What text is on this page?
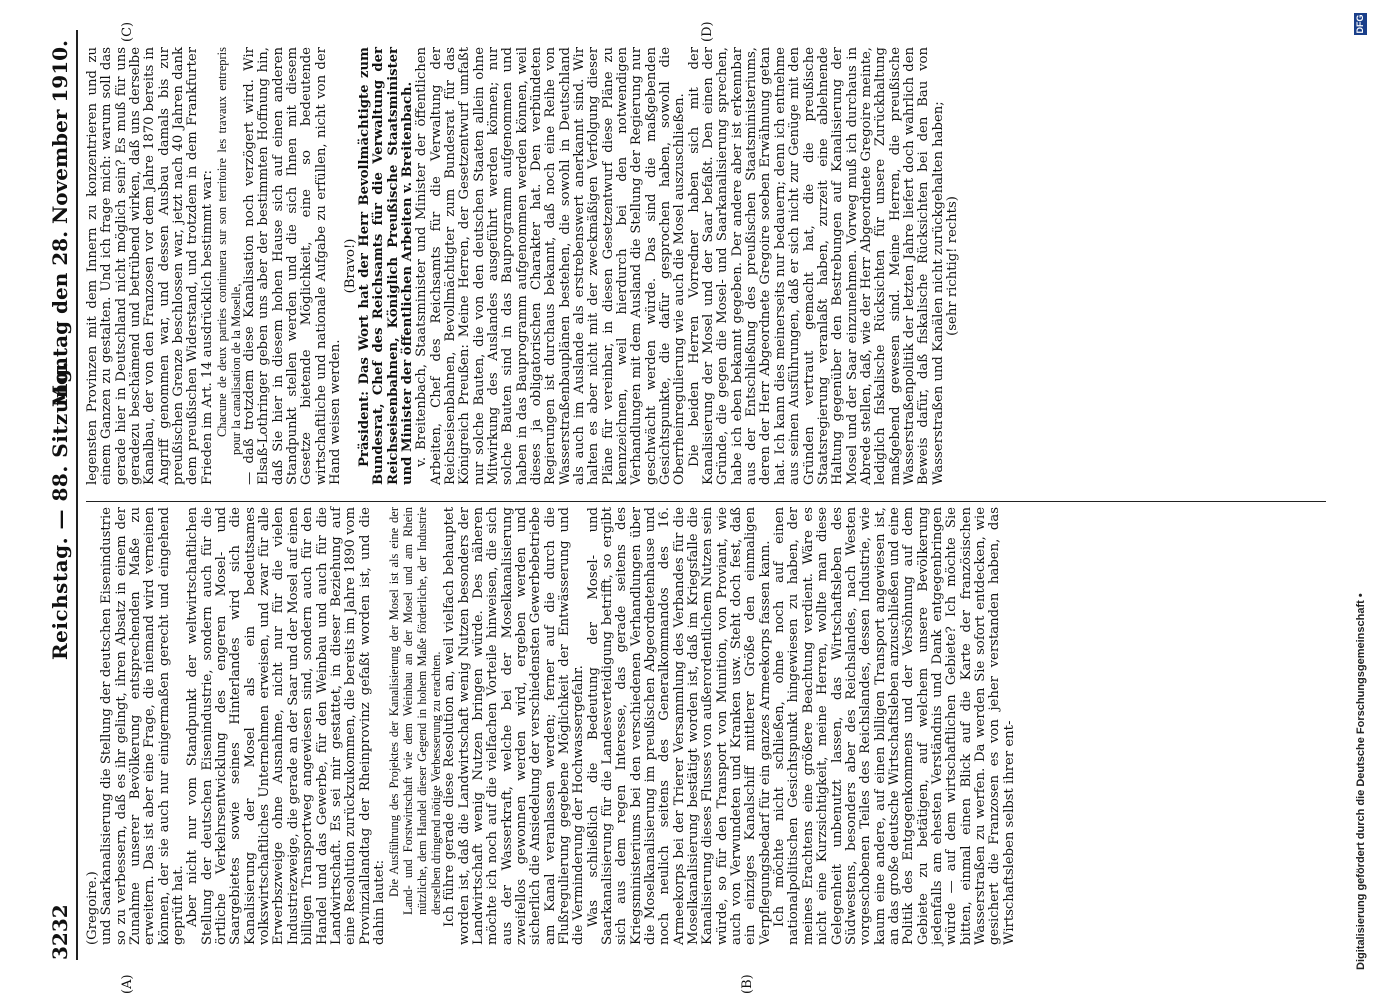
3232
Reichstag. — 88. Sitzung.
Montag den 28. November 1910.
(A)	(B)
(C)	(D)

(Gregoire.) und Saarkanalisierung die Stellung der deutschen Eisenindustrie so zu verbessern, daß es ihr gelingt, ihren Absatz in einem der Zunahme unserer Bevölkerung entsprechenden Maße zu erweitern. Das ist aber eine Frage, die niemand wird verneinen können, der sie auch nur einigermaßen gerecht und eingehend geprüft hat. Aber nicht nur vom Standpunkt der weltwirtschaftlichen Stellung der deutschen Eisenindustrie, sondern auch für die örtliche Verkehrsentwicklung des engeren Mosel- und Saargebietes sowie seines Hinterlandes wird sich die Kanalisierung der Mosel als ein bedeutsames volkswirtschaftliches Unternehmen erweisen, und zwar für alle Erwerbszweige ohne Ausnahme, nicht nur für die vielen Industriezweige, die gerade an der Saar und der Mosel auf einen billigen Transportweg angewiesen sind, sondern auch für den Handel und das Gewerbe, für den Weinbau und auch für die Landwirtschaft. Es sei mir gestattet, in dieser Beziehung auf eine Resolution zurückzukommen, die bereits im Jahre 1890 vom Provinziallandtag der Rheinprovinz gefaßt worden ist, und die dahin lautet:

Die Ausführung des Projektes der Kanalisierung der Mosel ist als eine der Land- und Forstwirtschaft wie dem Weinbau an der Mosel und am Rhein nützliche, dem Handel dieser Gegend in hohem Maße förderliche, der Industrie derselben dringend nötige Verbesserung zu erachten. Ich führe gerade diese Resolution an, weil vielfach behauptet worden ist, daß die Landwirtschaft wenig Nutzen besonders der Landwirtschaft wenig Nutzen bringen würde. Des näheren möchte ich noch auf die vielfachen Vorteile hinweisen, die sich aus der Wasserkraft, welche bei der Moselkanalisierung zweifellos gewonnen werden wird, ergeben werden und sicherlich die Ansiedelung der verschiedensten Gewerbebetriebe am Kanal veranlassen werden; ferner auf die durch die Flußregulierung gegebene Möglichkeit der Entwässerung und die Verminderung der Hochwassergefahr. Was schließlich die Bedeutung der Mosel- und Saarkanalisierung für die Landesverteidigung betrifft, so ergibt sich aus dem regen Interesse, das gerade seitens des Kriegsministeriums bei den verschiedenen Verhandlungen über die Moselkanalisierung im preußischen Abgeordnetenhause und noch neulich seitens des Generalkommandos des 16. Armeekorps bei der Trierer Versammlung des Verbandes für die Moselkanalisierung bestätigt worden ist, daß im Kriegsfalle die Kanalisierung dieses Flusses von außerordentlichem Nutzen sein würde, so für den Transport von Munition, von Proviant, wie auch von Verwundeten und Kranken usw. Steht doch fest, daß ein einziges Kanalschiff mittlerer Größe den einmaligen Verpflegungsbedarf für ein ganzes Armeekorps fassen kann. Ich möchte nicht schließen, ohne noch auf einen nationalpolitischen Gesichtspunkt hingewiesen zu haben, der meines Erachtens eine größere Beachtung verdient. Wäre es nicht eine Kurzsichtigkeit, meine Herren, wollte man diese Gelegenheit unbenutzt lassen, das Wirtschaftsleben des Südwestens, besonders aber des Reichslandes, nach Westen vorgeschobenen Teiles des Reichslandes, dessen Industrie, wie kaum eine andere, auf einen billigen Transport angewiesen ist, an das große deutsche Wirtschaftsleben anzuschließen und eine Politik des Entgegenkommens und der Versöhnung auf dem Gebiete zu betätigen, auf welchem unsere Bevölkerung jedenfalls am ehesten Verständnis und Dank entgegenbringen würde — auf dem wirtschaftlichen Gebiete? Ich möchte Sie bitten, einmal einen Blick auf die Karte der französischen Wasserstraßen zu werfen. Da werden Sie sofort entdecken, wie gesichert die Franzosen es von jeher verstanden haben, das Wirtschaftsleben selbst ihrer ent-

legensten Provinzen mit dem Innern zu konzentrieren und zu einem Ganzen zu gestalten. Und ich frage mich: warum soll das gerade hier in Deutschland nicht möglich sein? Es muß für uns geradezu beschämend und betrübend wirken, daß uns derselbe Kanalbau, der von den Franzosen vor dem Jahre 1870 bereits in Angriff genommen war, und dessen Ausbau damals bis zur preußischen Grenze beschlossen war, jetzt nach 40 Jahren dank dem preußischen Widerstand, und trotzdem in dem Frankfurter Frieden im Art. 14 ausdrücklich bestimmt war: Chacune de deux parties continuera sur son territoire les travaux entrepris pour la canalisation de la Moselle, — daß trotzdem diese Kanalisation noch verzögert wird. Wir Elsaß-Lothringer geben uns aber der bestimmten Hoffnung hin, daß Sie hier in diesem hohen Hause sich auf einen anderen Standpunkt stellen werden und die sich Ihnen mit diesem Gesetze bietende Möglichkeit, eine so bedeutende wirtschaftliche und nationale Aufgabe zu erfüllen, nicht von der Hand weisen werden.

(Bravo!) Präsident: Das Wort hat der Herr Bevollmächtigte zum Bundesrat, Chef des Reichsamts für die Verwaltung der Reichseisenbahnen, Königlich Preußische Staatsminister und Minister der öffentlichen Arbeiten v. Breitenbach. v. Breitenbach, Staatsminister und Minister der öffentlichen Arbeiten, Chef des Reichsamts für die Verwaltung der Reichseisenbahnen, Bevollmächtigter zum Bundesrat für das Königreich Preußen: Meine Herren, der Gesetzentwurf umfaßt nur solche Bauten, die von den deutschen Staaten allein ohne Mitwirkung des Auslandes ausgeführt werden können; nur solche Bauten sind in das Bauprogramm aufgenommen und haben in das Bauprogramm aufgenommen werden können, weil dieses ja obligatorischen Charakter hat. Den verbündeten Regierungen ist durchaus bekannt, daß noch eine Reihe von Wasserstraßenbauplänen bestehen, die sowohl in Deutschland als auch im Auslande als erstrebenswert anerkannt sind. Wir halten es aber nicht mit der zweckmäßigen Verfolgung dieser Pläne für vereinbar, in diesen Gesetzentwurf diese Pläne zu kennzeichnen, weil hierdurch bei den notwendigen Verhandlungen mit dem Ausland die Stellung der Regierung nur geschwächt werden würde. Das sind die maßgebenden Gesichtspunkte, die dafür gesprochen haben, sowohl die Oberrheinregulierung wie auch die Mosel auszuschließen. Die beiden Herren Vorredner haben sich mit der Kanalisierung der Mosel und der Saar befaßt. Den einen der Gründe, die gegen die Mosel- und Saarkanalisierung sprechen, habe ich eben bekannt gegeben. Der andere aber ist erkennbar aus der Entschließung des preußischen Staatsministeriums, deren der Herr Abgeordnete Gregoire soeben Erwähnung getan hat. Ich kann dies meinerseits nur bedauern; denn ich entnehme aus seinen Ausführungen, daß er sich nicht zur Genüge mit den Gründen vertraut gemacht hat, die die preußische Staatsregierung veranlaßt haben, zurzeit eine ablehnende Haltung gegenüber den Bestrebungen auf Kanalisierung der Mosel und der Saar einzunehmen. Vorweg muß ich durchaus in Abrede stellen, daß, wie der Herr Abgeordnete Gregoire meinte, lediglich fiskalische Rücksichten für unsere Zurückhaltung maßgebend gewesen sind. Meine Herren, die preußische Wasserstraßenpolitik der letzten Jahre liefert doch wahrlich den Beweis dafür, daß fiskalische Rücksichten bei den Bau von Wasserstraßen und Kanälen nicht zurückgehalten haben; (sehr richtig! rechts)

Digitalisierung gefördert durch die Deutsche Forschungsgemeinschaft •
DFG
